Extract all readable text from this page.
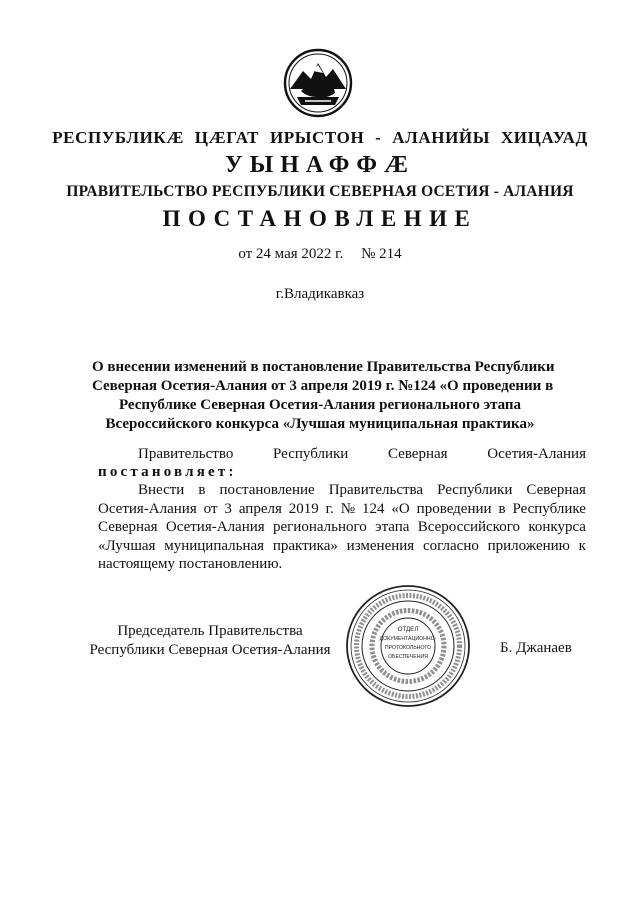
РЕСПУБЛИКӔ ЦӔГАТ ИРЫСТОН - АЛАНИЙЫ ХИЦАУАД
УЫНАФФӔ
ПРАВИТЕЛЬСТВО РЕСПУБЛИКИ СЕВЕРНАЯ ОСЕТИЯ - АЛАНИЯ
ПОСТАНОВЛЕНИЕ
от 24 мая 2022 г. № 214
г.Владикавказ
О внесении изменений в постановление Правительства Республики
Северная Осетия-Алания от 3 апреля 2019 г. №124 «О проведении в
Республике Северная Осетия-Алания регионального этапа
Всероссийского конкурса «Лучшая муниципальная практика»
Правительство	Республики	Северная	Осетия-Алания
постановляет:
Внести в постановление Правительства Республики Северная
Осетия-Алания от 3 апреля 2019 г. № 124 «О проведении в Республике
Северная Осетия-Алания регионального этапа Всероссийского конкурса
«Лучшая муниципальная практика» изменения согласно приложению к
настоящему постановлению.
Председатель Правительства
Республики Северная Осетия-Алания	Б. Джанаев
ОТДЕЛ
ДОКУМЕНТАЦИОННО-
ПРОТОКОЛЬНОГО
ОБЕСПЕЧЕНИЯ
